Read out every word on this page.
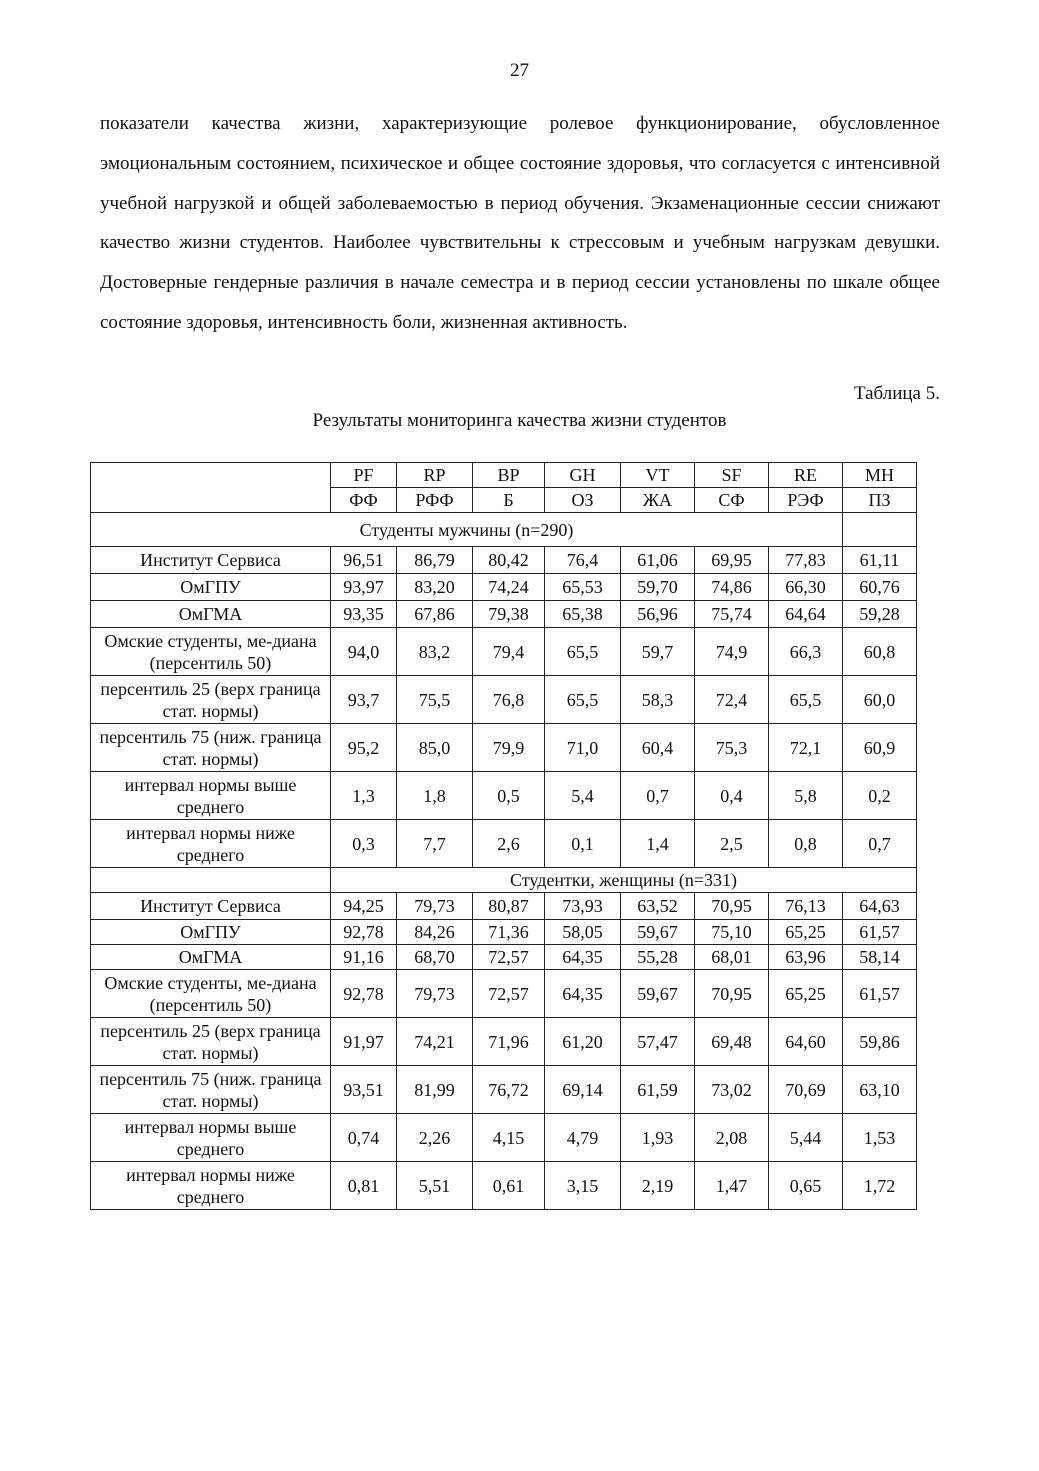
27

показатели качества жизни, характеризующие ролевое функционирование, обусловленное эмоциональным состоянием, психическое и общее состояние здоровья, что согласуется с интенсивной учебной нагрузкой и общей заболеваемостью в период обучения. Экзаменационные сессии снижают качество жизни студентов. Наиболее чувствительны к стрессовым и учебным нагрузкам девушки. Достоверные гендерные различия в начале семестра и в период сессии установлены по шкале общее состояние здоровья, интенсивность боли, жизненная активность.

Таблица 5.
Результаты мониторинга качества жизни студентов
	PF	RP	BP	GH	VT	SF	RE	MH
	ФФ	РФФ	Б	ОЗ	ЖА	СФ	РЭФ	ПЗ
Студенты мужчины (n=290)								
Институт Сервиса	96,51	86,79	80,42	76,4	61,06	69,95	77,83	61,11
ОмГПУ	93,97	83,20	74,24	65,53	59,70	74,86	66,30	60,76
ОмГМА	93,35	67,86	79,38	65,38	56,96	75,74	64,64	59,28
Омские студенты, ме-диана (персентиль 50)	94,0	83,2	79,4	65,5	59,7	74,9	66,3	60,8
персентиль 25 (верх граница стат. нормы)	93,7	75,5	76,8	65,5	58,3	72,4	65,5	60,0
персентиль 75 (ниж. граница стат. нормы)	95,2	85,0	79,9	71,0	60,4	75,3	72,1	60,9
интервал нормы выше среднего	1,3	1,8	0,5	5,4	0,7	0,4	5,8	0,2
интервал нормы ниже среднего	0,3	7,7	2,6	0,1	1,4	2,5	0,8	0,7
	Студентки, женщины (n=331)							
Институт Сервиса	94,25	79,73	80,87	73,93	63,52	70,95	76,13	64,63
ОмГПУ	92,78	84,26	71,36	58,05	59,67	75,10	65,25	61,57
ОмГМА	91,16	68,70	72,57	64,35	55,28	68,01	63,96	58,14
Омские студенты, ме-диана (персентиль 50)	92,78	79,73	72,57	64,35	59,67	70,95	65,25	61,57
персентиль 25 (верх граница стат. нормы)	91,97	74,21	71,96	61,20	57,47	69,48	64,60	59,86
персентиль 75 (ниж. граница стат. нормы)	93,51	81,99	76,72	69,14	61,59	73,02	70,69	63,10
интервал нормы выше среднего	0,74	2,26	4,15	4,79	1,93	2,08	5,44	1,53
интервал нормы ниже среднего	0,81	5,51	0,61	3,15	2,19	1,47	0,65	1,72
